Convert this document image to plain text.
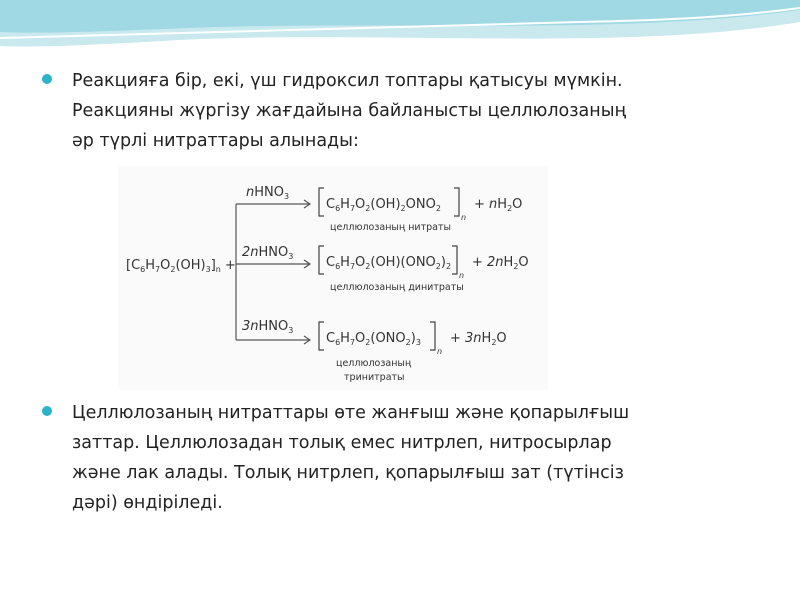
Реакцияға бір, екі, үш гидроксил топтары қатысуы мүмкін.
Реакцияны жүргізу жағдайына байланысты целлюлозаның
әр түрлі нитраттары алынады:
$[C_6H_7O_2(OH)_3]_n$ +
nHNO$_3$
2nHNO$_3$
3nHNO$_3$
$C_6H_7O_2(OH)_2ONO_2$
n
+ $nH_2O$
целлюлозаның нитраты
$C_6H_7O_2(OH)(ONO_2)_2$
n
+ $2nH_2O$
целлюлозаның динитраты
$C_6H_7O_2(ONO_2)_3$
n
+ $3nH_2O$
целлюлозаның
тринитраты
Целлюлозаның нитраттары өте жанғыш және қопарылғыш
заттар. Целлюлозадан толық емес нитрлеп, нитросырлар
және лак алады. Толық нитрлеп, қопарылғыш зат (түтінсіз
дәрі) өндіріледі.
